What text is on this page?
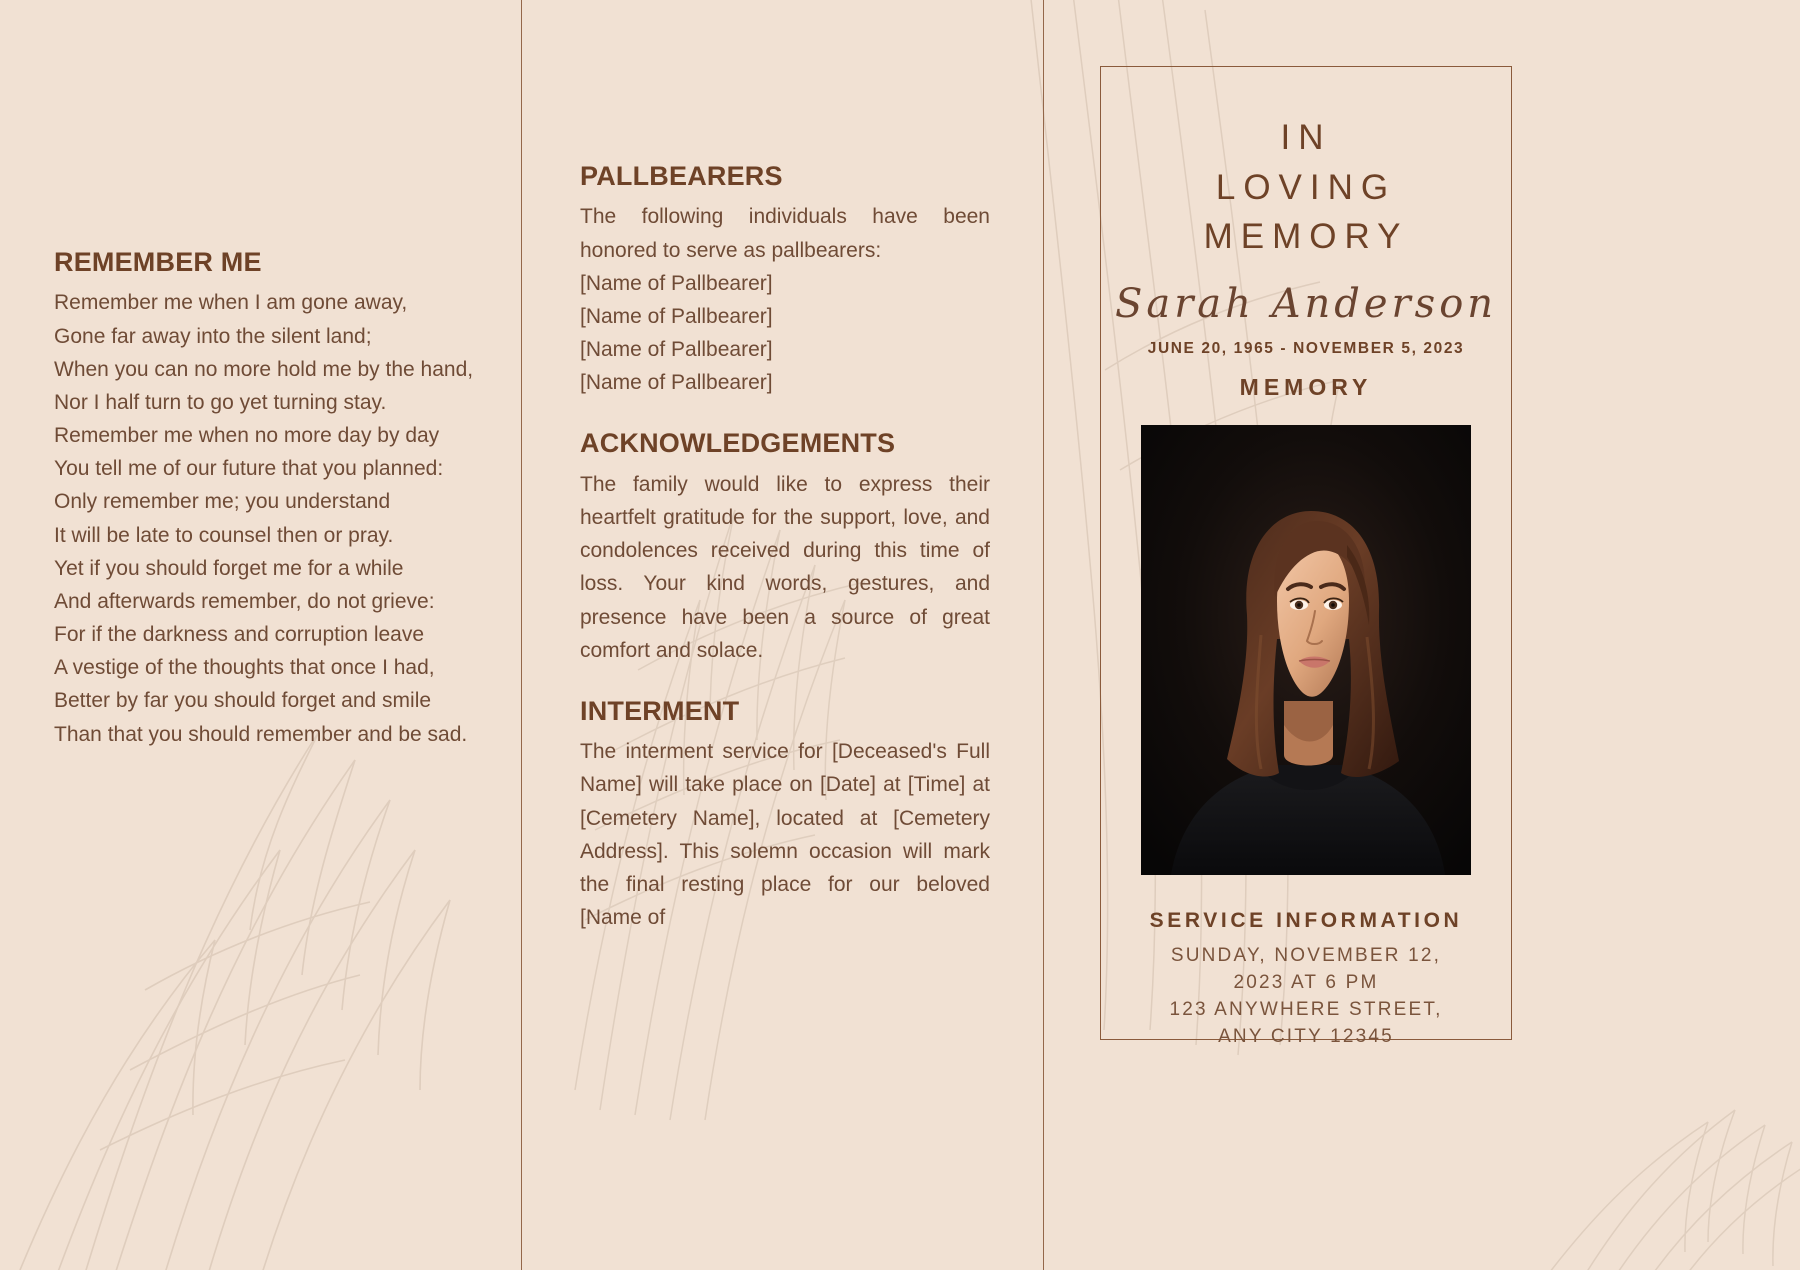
REMEMBER ME

Remember me when I am gone away,
Gone far away into the silent land;
When you can no more hold me by the hand,
Nor I half turn to go yet turning stay.
Remember me when no more day by day
You tell me of our future that you planned:
Only remember me; you understand
It will be late to counsel then or pray.
Yet if you should forget me for a while
And afterwards remember, do not grieve:
For if the darkness and corruption leave
A vestige of the thoughts that once I had,
Better by far you should forget and smile
Than that you should remember and be sad.

PALLBEARERS

The following individuals have been honored to serve as pallbearers:

[Name of Pallbearer]
[Name of Pallbearer]
[Name of Pallbearer]
[Name of Pallbearer]
ACKNOWLEDGEMENTS

The family would like to express their heartfelt gratitude for the support, love, and condolences received during this time of loss. Your kind words, gestures, and presence have been a source of great comfort and solace.

INTERMENT

The interment service for [Deceased's Full Name] will take place on [Date] at [Time] at [Cemetery Name], located at [Cemetery Address]. This solemn occasion will mark the final resting place for our beloved [Name of

IN
LOVING
MEMORY
Sarah Anderson
JUNE 20, 1965 - NOVEMBER 5, 2023
MEMORY
SERVICE INFORMATION
SUNDAY, NOVEMBER 12,
2023 AT 6 PM
123 ANYWHERE STREET,
ANY CITY 12345
